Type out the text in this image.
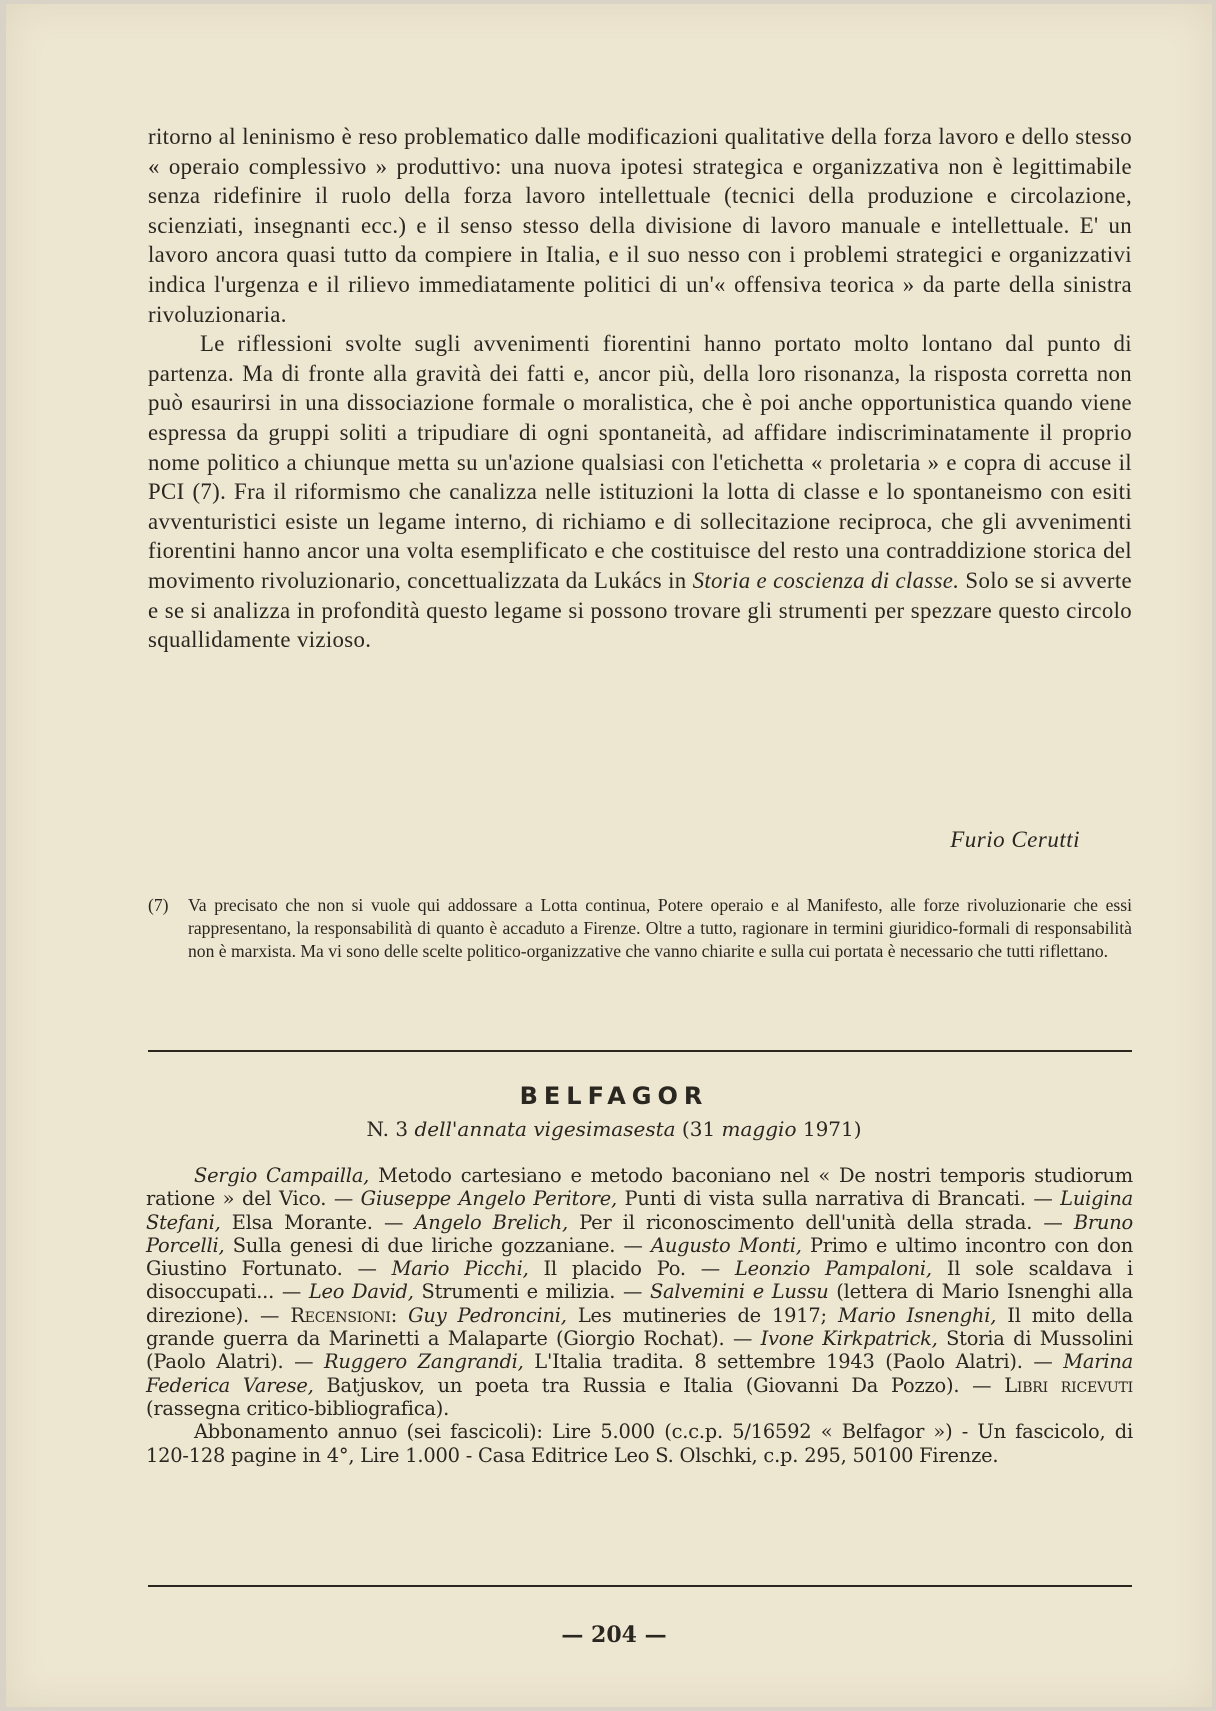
ritorno al leninismo è reso problematico dalle modificazioni qualitative della forza lavoro e dello stesso « operaio complessivo » produttivo: una nuova ipotesi strategica e organizzativa non è legittimabile senza ridefinire il ruolo della forza lavoro intellettuale (tecnici della produzione e circolazione, scienziati, insegnanti ecc.) e il senso stesso della divisione di lavoro manuale e intellettuale. E' un lavoro ancora quasi tutto da compiere in Italia, e il suo nesso con i problemi strategici e organizzativi indica l'urgenza e il rilievo immediatamente politici di un'« offensiva teorica » da parte della sinistra rivoluzionaria.

Le riflessioni svolte sugli avvenimenti fiorentini hanno portato molto lontano dal punto di partenza. Ma di fronte alla gravità dei fatti e, ancor più, della loro risonanza, la risposta corretta non può esaurirsi in una dissociazione formale o moralistica, che è poi anche opportunistica quando viene espressa da gruppi soliti a tripudiare di ogni spontaneità, ad affidare indiscriminatamente il proprio nome politico a chiunque metta su un'azione qualsiasi con l'etichetta « proletaria » e copra di accuse il PCI (7). Fra il riformismo che canalizza nelle istituzioni la lotta di classe e lo spontaneismo con esiti avventuristici esiste un legame interno, di richiamo e di sollecitazione reciproca, che gli avvenimenti fiorentini hanno ancor una volta esemplificato e che costituisce del resto una contraddizione storica del movimento rivoluzionario, concettualizzata da Lukács in Storia e coscienza di classe. Solo se si avverte e se si analizza in profondità questo legame si possono trovare gli strumenti per spezzare questo circolo squallidamente vizioso.

Furio Cerutti
(7) Va precisato che non si vuole qui addossare a Lotta continua, Potere operaio e al Manifesto, alle forze rivoluzionarie che essi rappresentano, la responsabilità di quanto è accaduto a Firenze. Oltre a tutto, ragionare in termini giuridico-formali di responsabilità non è marxista. Ma vi sono delle scelte politico-organizzative che vanno chiarite e sulla cui portata è necessario che tutti riflettano.
BELFAGOR
N. 3 dell'annata vigesimasesta (31 maggio 1971)

Sergio Campailla, Metodo cartesiano e metodo baconiano nel « De nostri temporis studiorum ratione » del Vico. — Giuseppe Angelo Peritore, Punti di vista sulla narrativa di Brancati. — Luigina Stefani, Elsa Morante. — Angelo Brelich, Per il riconoscimento dell'unità della strada. — Bruno Porcelli, Sulla genesi di due liriche gozzaniane. — Augusto Monti, Primo e ultimo incontro con don Giustino Fortunato. — Mario Picchi, Il placido Po. — Leonzio Pampaloni, Il sole scaldava i disoccupati... — Leo David, Strumenti e milizia. — Salvemini e Lussu (lettera di Mario Isnenghi alla direzione). — Recensioni: Guy Pedroncini, Les mutineries de 1917; Mario Isnenghi, Il mito della grande guerra da Marinetti a Malaparte (Giorgio Rochat). — Ivone Kirkpatrick, Storia di Mussolini (Paolo Alatri). — Ruggero Zangrandi, L'Italia tradita. 8 settembre 1943 (Paolo Alatri). — Marina Federica Varese, Batjuskov, un poeta tra Russia e Italia (Giovanni Da Pozzo). — Libri ricevuti (rassegna critico-bibliografica).

Abbonamento annuo (sei fascicoli): Lire 5.000 (c.c.p. 5/16592 « Belfagor ») - Un fascicolo, di 120-128 pagine in 4°, Lire 1.000 - Casa Editrice Leo S. Olschki, c.p. 295, 50100 Firenze.

— 204 —
